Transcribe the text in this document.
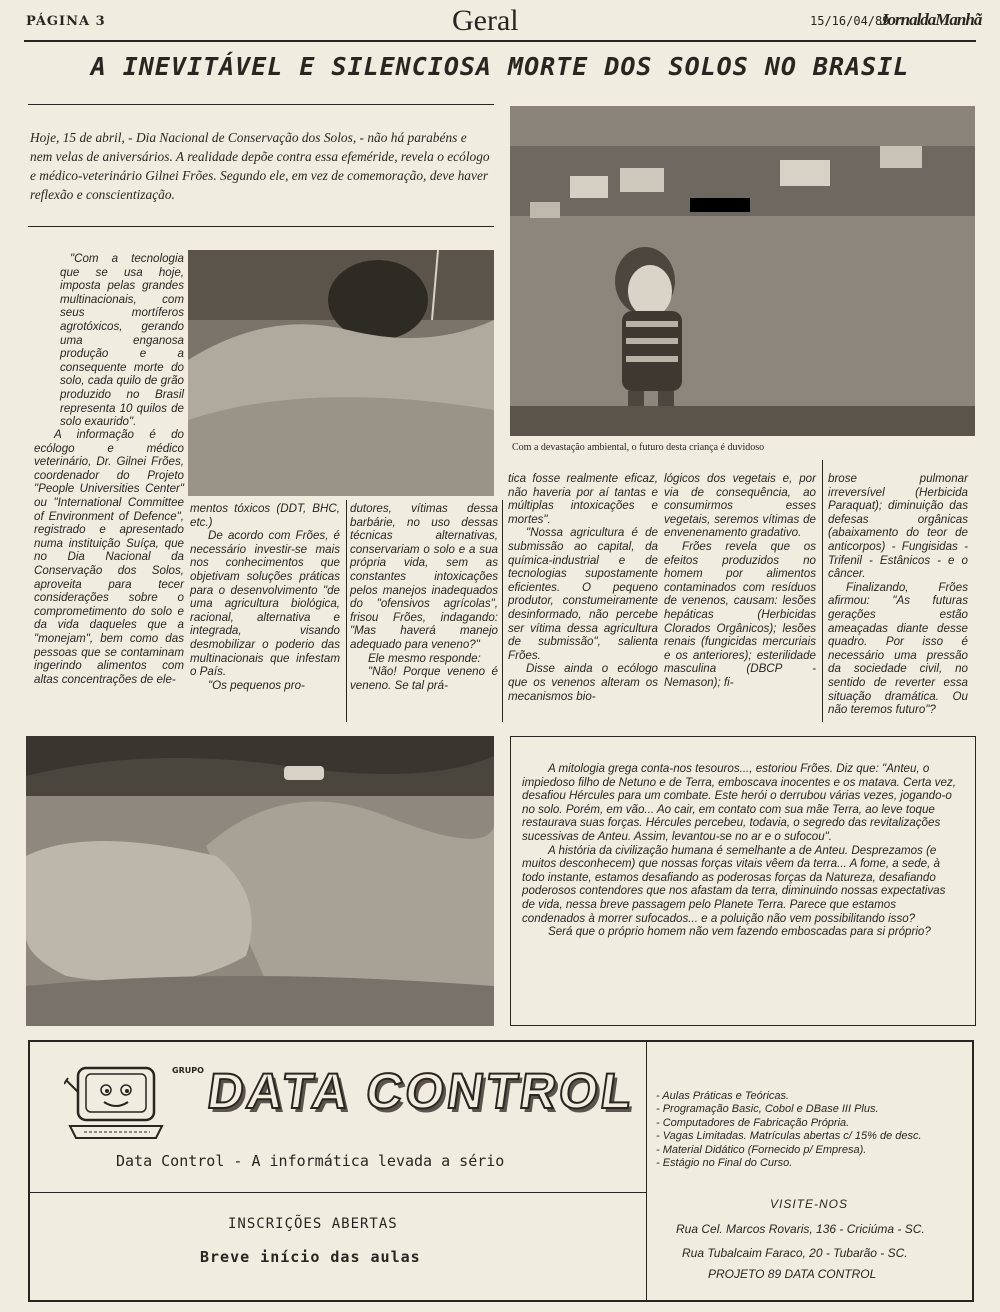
PÁGINA 3	Geral	15/16/04/89
JornaldaManhã
A INEVITÁVEL E SILENCIOSA MORTE DOS SOLOS NO BRASIL
Hoje, 15 de abril, - Dia Nacional de Conservação dos Solos, - não há parabéns e nem velas de aniversários. A realidade depõe contra essa efeméride, revela o ecólogo e médico-veterinário Gilnei Frões. Segundo ele, em vez de comemoração, deve haver reflexão e conscientização.
Com a devastação ambiental, o futuro desta criança é duvidoso

"Com a tecnologia que se usa hoje, imposta pelas grandes multinacionais, com seus mortíferos agrotóxicos, gerando uma enganosa produção e a consequente morte do solo, cada quilo de grão produzido no Brasil representa 10 quilos de solo exaurido".

A informação é do ecólogo e médico veterinário, Dr. Gilnei Frões, coordenador do Projeto "People Universities Center" ou "International Committee of Environment of Defence", registrado e apresentado numa instituição Suíça, que no Dia Nacional da Conservação dos Solos, aproveita para tecer considerações sobre o comprometimento do solo e da vida daqueles que a "monejam", bem como das pessoas que se contaminam ingerindo alimentos com altas concentrações de ele-

mentos tóxicos (DDT, BHC, etc.)

De acordo com Frões, é necessário investir-se mais nos conhecimentos que objetivam soluções práticas para o desenvolvimento "de uma agricultura biológica, racional, alternativa e integrada, visando desmobilizar o poderio das multinacionais que infestam o País.

"Os pequenos pro-

dutores, vítimas dessa barbárie, no uso dessas técnicas alternativas, conservariam o solo e a sua própria vida, sem as constantes intoxicações pelos manejos inadequados do "ofensivos agrícolas", frisou Frões, indagando: "Mas haverá manejo adequado para veneno?"

Ele mesmo responde:

"Não! Porque veneno é veneno. Se tal prá-

tica fosse realmente eficaz, não haveria por aí tantas e múltiplas intoxicações e mortes".

"Nossa agricultura é de submissão ao capital, da química-industrial e de tecnologias supostamente eficientes. O pequeno produtor, constumeiramente desinformado, não percebe ser vítima dessa agricultura de submissão", salienta Frões.

Disse ainda o ecólogo que os venenos alteram os mecanismos bio-

lógicos dos vegetais e, por via de consequência, ao consumirmos esses vegetais, seremos vítimas de envenenamento gradativo.

Frões revela que os efeitos produzidos no homem por alimentos contaminados com resíduos de venenos, causam: lesões hepáticas (Herbicidas Clorados Orgânicos); lesões renais (fungicidas mercuriais e os anteriores); esterilidade masculina (DBCP - Nemason); fi-

brose pulmonar irreversível (Herbicida Paraquat); diminuição das defesas orgânicas (abaixamento do teor de anticorpos) - Fungisidas - Trifenil - Estânicos - e o câncer.

Finalizando, Frões afirmou: "As futuras gerações estão ameaçadas diante desse quadro. Por isso é necessário uma pressão da sociedade civil, no sentido de reverter essa situação dramática. Ou não teremos futuro"?

A mitologia grega conta-nos tesouros..., estoriou Frões. Diz que: "Anteu, o impiedoso filho de Netuno e de Terra, emboscava inocentes e os matava. Certa vez, desafiou Hércules para um combate. Este herói o derrubou várias vezes, jogando-o no solo. Porém, em vão... Ao cair, em contato com sua mãe Terra, ao leve toque restaurava suas forças. Hércules percebeu, todavia, o segredo das revitalizações sucessivas de Anteu. Assim, levantou-se no ar e o sufocou".

A história da civilização humana é semelhante a de Anteu. Desprezamos (e muitos desconhecem) que nossas forças vitais vêem da terra... A fome, a sede, à todo instante, estamos desafiando as poderosas forças da Natureza, desafiando poderosos contendores que nos afastam da terra, diminuindo nossas expectativas de vida, nessa breve passagem pelo Planete Terra. Parece que estamos condenados à morrer sufocados... e a poluição não vem possibilitando isso?

Será que o próprio homem não vem fazendo emboscadas para si próprio?

GRUPO DATA CONTROL
Data Control - A informática levada a sério
INSCRIÇÕES ABERTAS
Breve início das aulas
- Aulas Práticas e Teóricas.
- Programação Basic, Cobol e DBase III Plus.
- Computadores de Fabricação Própria.
- Vagas Limitadas. Matrículas abertas c/ 15% de desc.
- Material Didático (Fornecido p/ Empresa).
- Estágio no Final do Curso.
VISITE-NOS
Rua Cel. Marcos Rovaris, 136 - Criciúma - SC.
Rua Tubalcaim Faraco, 20 - Tubarão - SC.
PROJETO 89 DATA CONTROL
